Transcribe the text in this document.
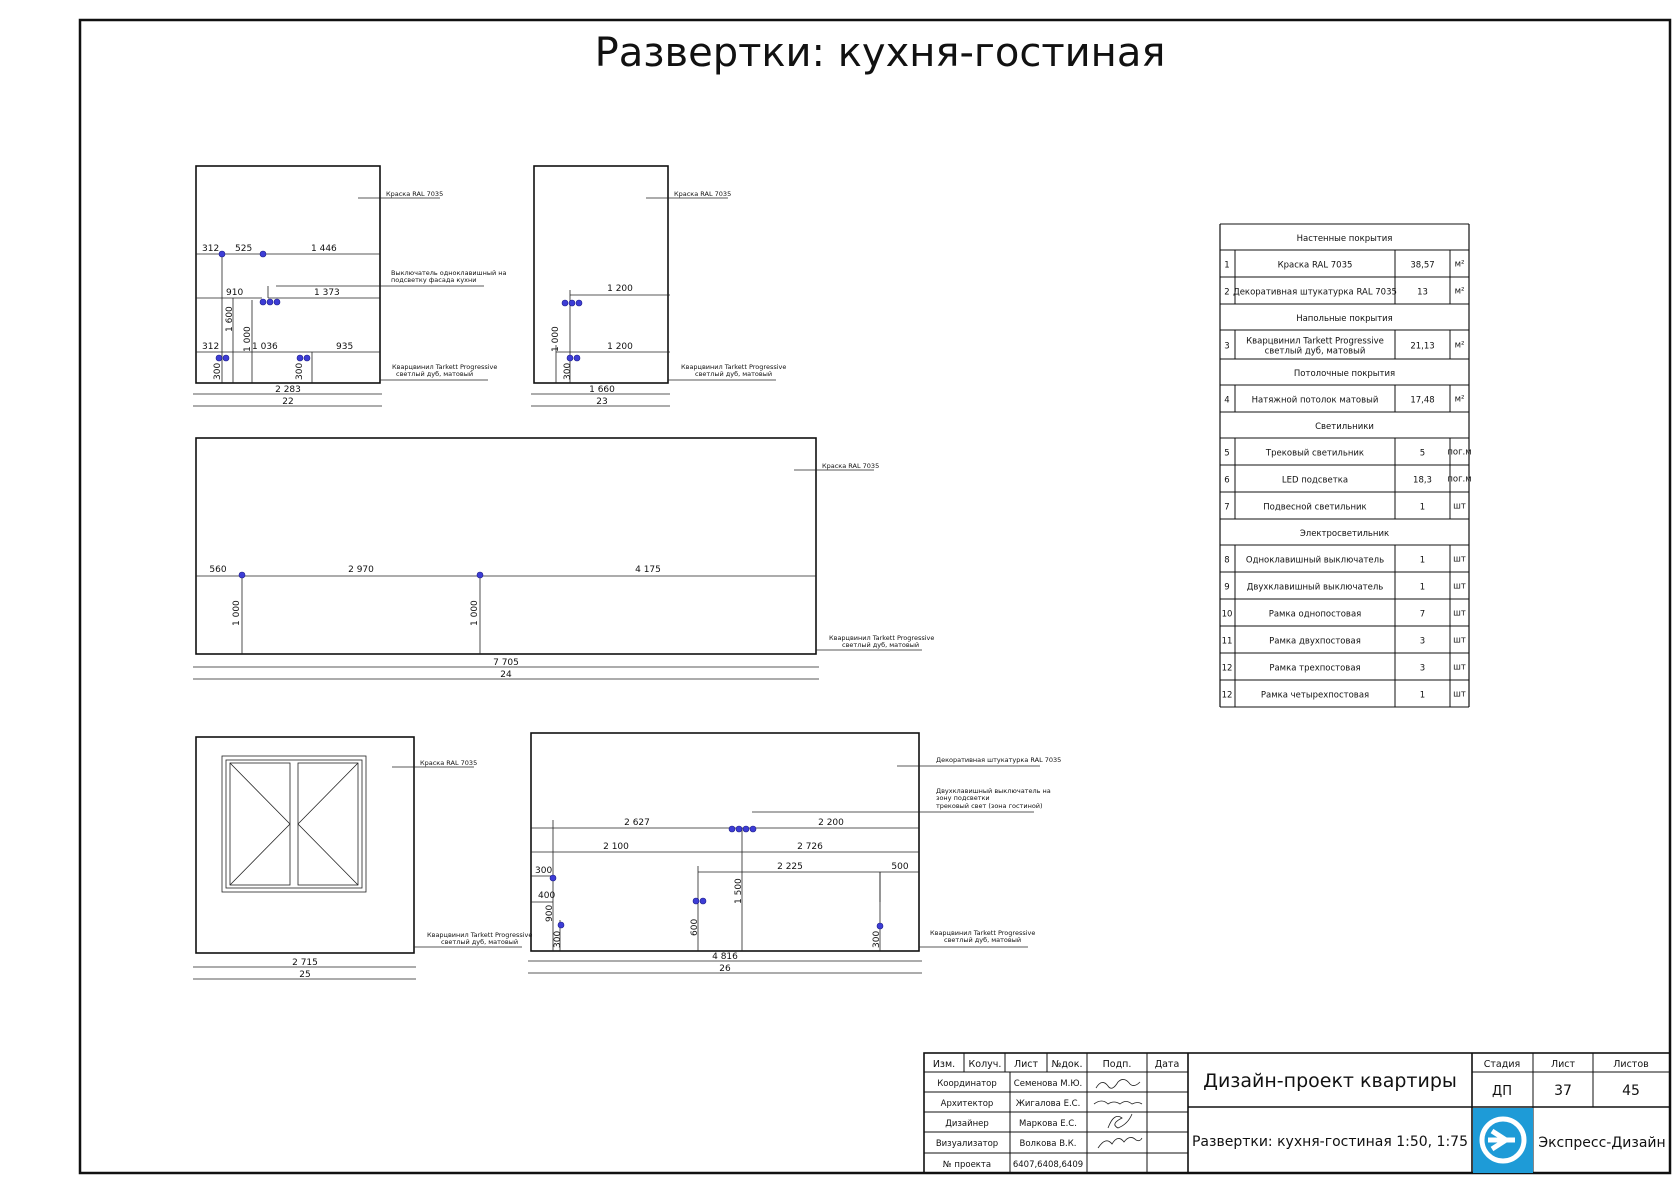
Развертки: кухня-гостиная
312 525	1 446
910	1 373
1 600
1 000
312	1 036	935
300	300
2 283
22
Краска RAL 7035
Выключатель одноклавишный на
подсветку фасада кухни
Кварцвинил Tarkett Progressive
светлый дуб, матовый
1 200
1 200
1 000
300
1 660
23
Краска RAL 7035
Кварцвинил Tarkett Progressive
светлый дуб, матовый
560	2 970	4 175
1 000	1 000
7 705
24
Краска RAL 7035
Кварцвинил Tarkett Progressive
светлый дуб, матовый
2 715
25
Краска RAL 7035
Кварцвинил Tarkett Progressive
светлый дуб, матовый
2 627	2 200
2 100	2 726
2 225	500
300
400
900
300
600
1 500
300
4 816
26
Декоративная штукатурка RAL 7035
Двухклавишный выключатель на
зону подсветки
трековый свет (зона гостиной)
Кварцвинил Tarkett Progressive
светлый дуб, матовый
Настенные покрытия
1	Краска RAL 7035	38,57 м²
2 Декоративная штукатурка RAL 7035 13	м²
Напольные покрытия
3 Кварцвинил Tarkett Progressive
светлый дуб, матовый	21,13 м²
Потолочные покрытия
4	Натяжной потолок матовый	17,48 м²
Светильники
5	Трековый светильник	5	пог.м
6	LED подсветка	18,3 пог.м
7	Подвесной светильник	1	шт
Электросветильник
8 Одноклавишный выключатель	1	шт
9 Двухклавишный выключатель	1	шт
10	Рамка однопостовая	7	шт
11	Рамка двухпостовая	3	шт
12	Рамка трехпостовая	3	шт
12	Рамка четырехпостовая	1	шт
Изм. Колуч. Лист №док. Подп. Дата
Координатор Семенова М.Ю.
Архитектор	Жигалова Е.С.
Дизайнер	Маркова Е.С.
Визуализатор	Волкова В.К.
№ проекта	6407,6408,6409
Дизайн-проект квартиры
Развертки: кухня-гостиная 1:50, 1:75
Стадия	Лист	Листов
ДП	37	45
Экспресс-Дизайн
